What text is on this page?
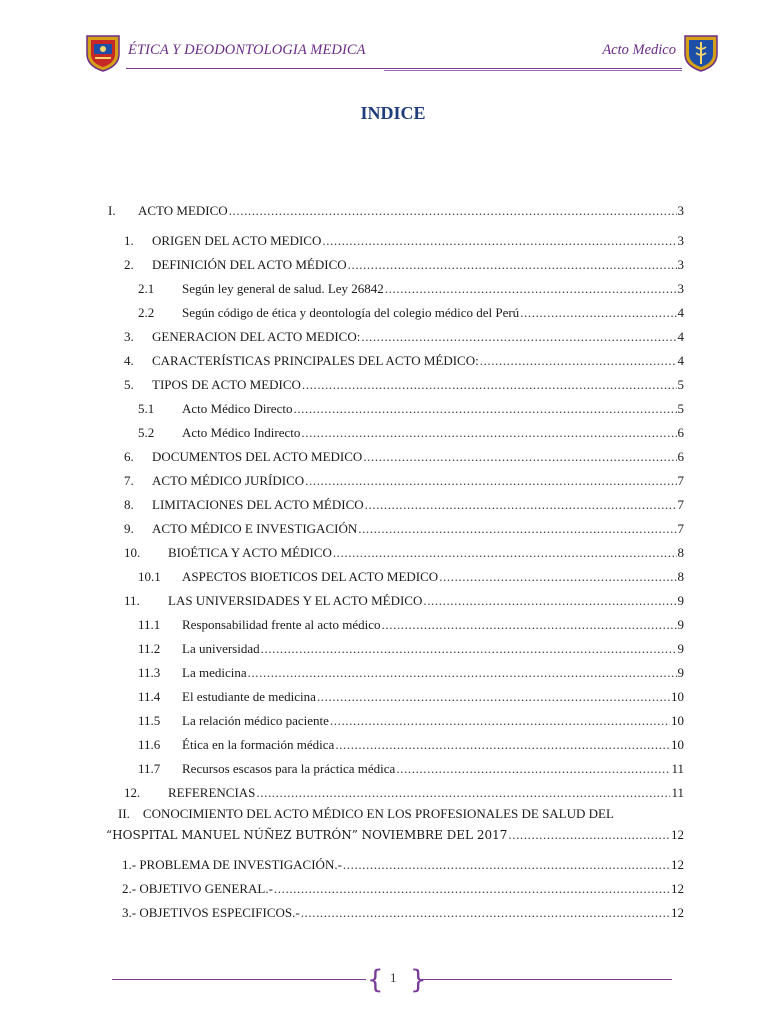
ÉTICA Y DEODONTOLOGIA MEDICA	Acto Medico
INDICE
I.	ACTO MEDICO .....	3
1.	ORIGEN DEL ACTO MEDICO .....	3
2.	DEFINICIÓN DEL ACTO MÉDICO .....	3
2.1	Según ley general de salud. Ley 26842 .....	3
2.2	Según código de ética y deontología del colegio médico del Perú .....	4
3.	GENERACION DEL ACTO MEDICO: .....	4
4.	CARACTERÍSTICAS PRINCIPALES DEL ACTO MÉDICO: .....	4
5.	TIPOS DE ACTO MEDICO .....	5
5.1	Acto Médico Directo .....	5
5.2	Acto Médico Indirecto .....	6
6.	DOCUMENTOS DEL ACTO MEDICO .....	6
7.	ACTO MÉDICO JURÍDICO .....	7
8.	LIMITACIONES DEL ACTO MÉDICO .....	7
9.	ACTO MÉDICO E INVESTIGACIÓN .....	7
10.	BIOÉTICA Y ACTO MÉDICO .....	8
10.1	ASPECTOS BIOETICOS DEL ACTO MEDICO .....	8
11.	LAS UNIVERSIDADES Y EL ACTO MÉDICO .....	9
11.1	Responsabilidad frente al acto médico .....	9
11.2	La universidad .....	9
11.3	La medicina .....	9
11.4	El estudiante de medicina .....	10
11.5	La relación médico paciente .....	10
11.6	Ética en la formación médica .....	10
11.7	Recursos escasos para la práctica médica .....	11
12.	REFERENCIAS .....	11
II.    CONOCIMIENTO DEL ACTO MÉDICO EN LOS PROFESIONALES DE SALUD DEL
“HOSPITAL MANUEL NÚÑEZ BUTRÓN” NOVIEMBRE DEL 2017 .....	12
1.- PROBLEMA DE INVESTIGACIÓN.- .....	12
2.- OBJETIVO GENERAL.- .....	12
3.- OBJETIVOS ESPECIFICOS.- .....	12
{ 1 }
